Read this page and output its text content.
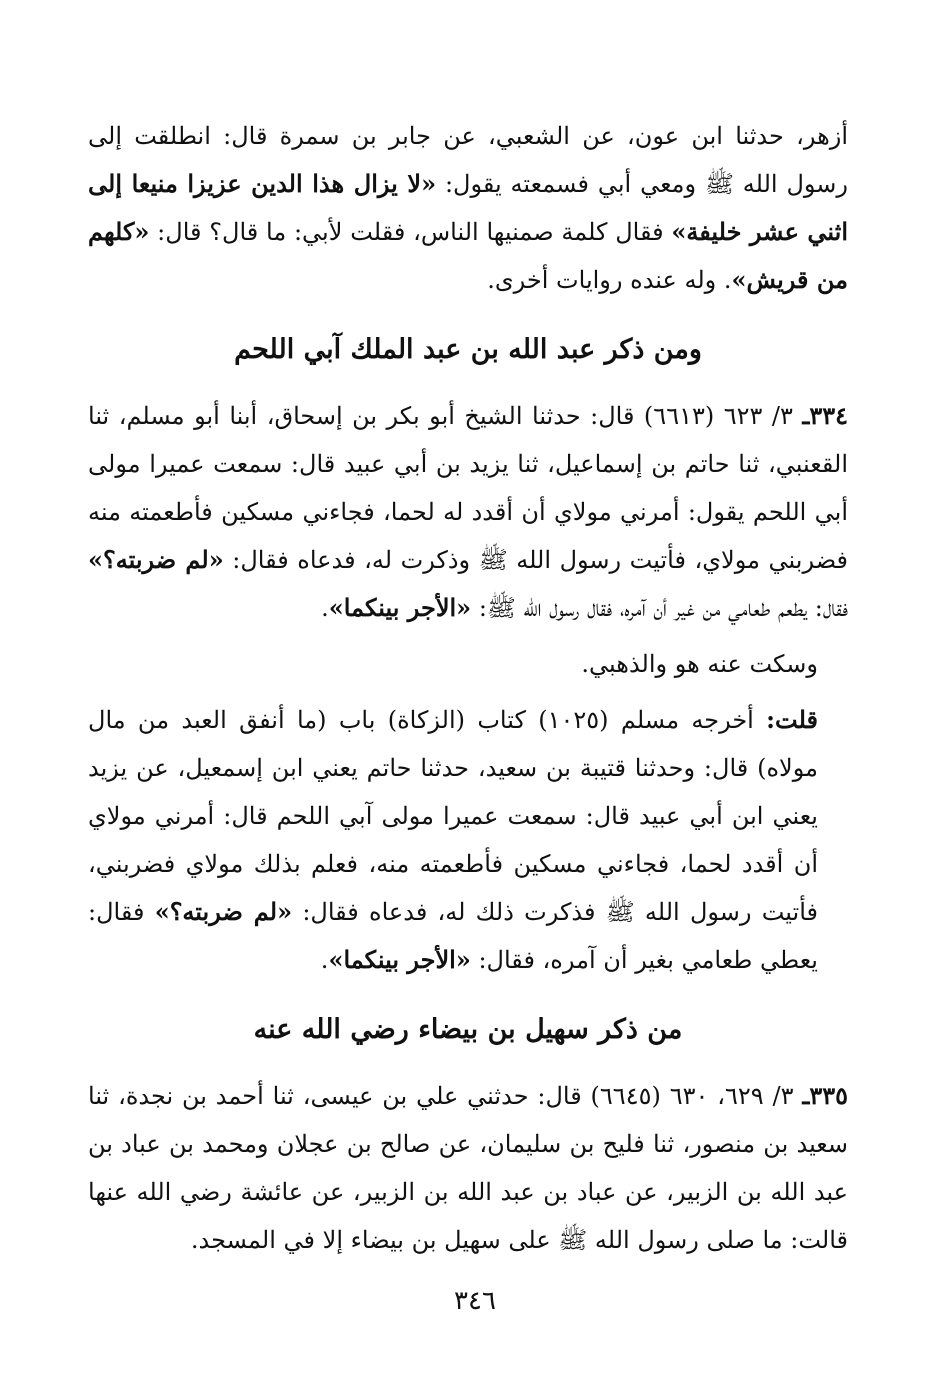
أزهر، حدثنا ابن عون، عن الشعبي، عن جابر بن سمرة قال: انطلقت إلى رسول الله ﷺ ومعي أبي فسمعته يقول: «لا يزال هذا الدين عزيزا منيعا إلى اثني عشر خليفة» فقال كلمة صمنيها الناس، فقلت لأبي: ما قال؟ قال: «كلهم من قريش». وله عنده روايات أخرى.

ومن ذكر عبد الله بن عبد الملك آبي اللحم

٣٣٤ـ ٣/ ٦٢٣ (٦٦١٣) قال: حدثنا الشيخ أبو بكر بن إسحاق، أبنا أبو مسلم، ثنا القعنبي، ثنا حاتم بن إسماعيل، ثنا يزيد بن أبي عبيد قال: سمعت عميرا مولى أبي اللحم يقول: أمرني مولاي أن أقدد له لحما، فجاءني مسكين فأطعمته منه فضربني مولاي، فأتيت رسول الله ﷺ وذكرت له، فدعاه فقال: «لم ضربته؟» فقال: يطعم طعامي من غير أن آمره، فقال رسول الله ﷺ: «الأجر بينكما».

وسكت عنه هو والذهبي.

قلت: أخرجه مسلم (١٠٢٥) كتاب (الزكاة) باب (ما أنفق العبد من مال مولاه) قال: وحدثنا قتيبة بن سعيد، حدثنا حاتم يعني ابن إسمعيل، عن يزيد يعني ابن أبي عبيد قال: سمعت عميرا مولى آبي اللحم قال: أمرني مولاي أن أقدد لحما، فجاءني مسكين فأطعمته منه، فعلم بذلك مولاي فضربني، فأتيت رسول الله ﷺ فذكرت ذلك له، فدعاه فقال: «لم ضربته؟» فقال: يعطي طعامي بغير أن آمره، فقال: «الأجر بينكما».

من ذكر سهيل بن بيضاء رضي الله عنه

٣٣٥ـ ٣/ ٦٢٩، ٦٣٠ (٦٦٤٥) قال: حدثني علي بن عيسى، ثنا أحمد بن نجدة، ثنا سعيد بن منصور، ثنا فليح بن سليمان، عن صالح بن عجلان ومحمد بن عباد بن عبد الله بن الزبير، عن عباد بن عبد الله بن الزبير، عن عائشة رضي الله عنها قالت: ما صلى رسول الله ﷺ على سهيل بن بيضاء إلا في المسجد.

٣٤٦
